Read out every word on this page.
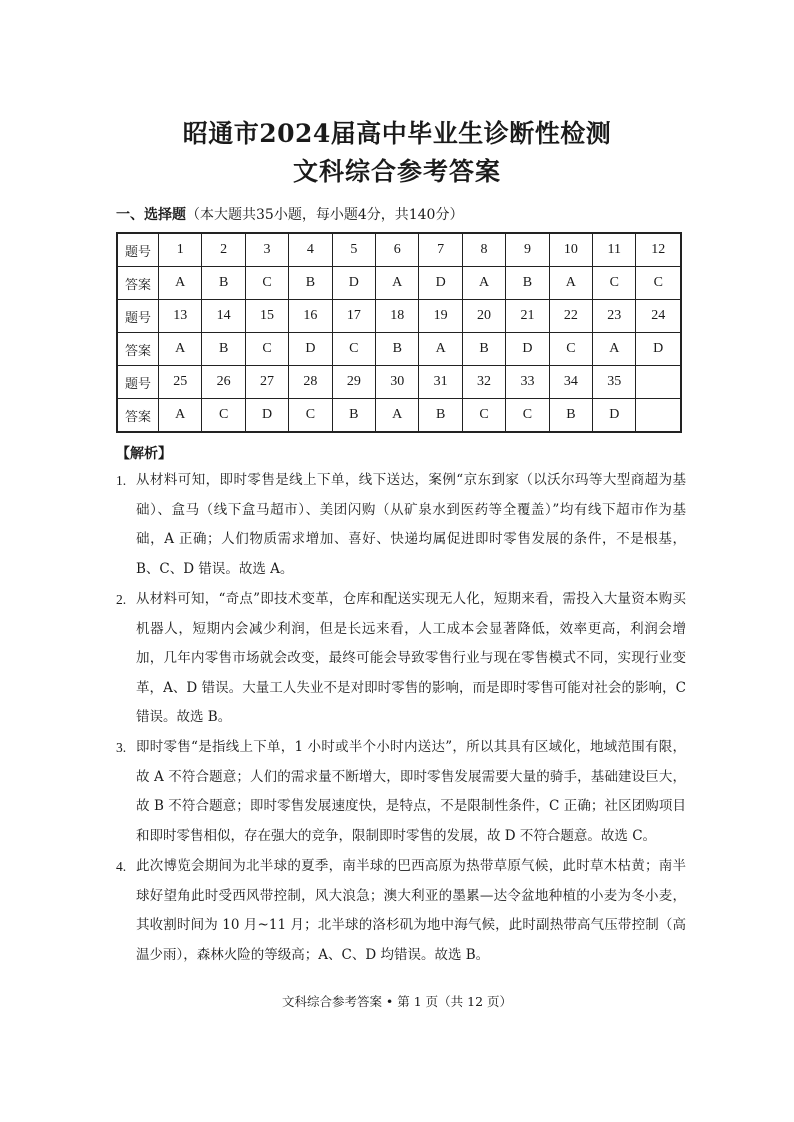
昭通市2024届高中毕业生诊断性检测
文科综合参考答案
一、选择题（本大题共35小题，每小题4分，共140分）
题号	1	2	3	4	5	6	7	8	9	10	11	12
答案	A	B	C	B	D	A	D	A	B	A	C	C
题号	13	14	15	16	17	18	19	20	21	22	23	24
答案	A	B	C	D	C	B	A	B	D	C	A	D
题号	25	26	27	28	29	30	31	32	33	34	35	
答案	A	C	D	C	B	A	B	C	C	B	D	
【解析】
1. 从材料可知，即时零售是线上下单，线下送达，案例“京东到家（以沃尔玛等大型商超为基础）、盒马（线下盒马超市）、美团闪购（从矿泉水到医药等全覆盖）”均有线下超市作为基础，A 正确；人们物质需求增加、喜好、快递均属促进即时零售发展的条件，不是根基，B、C、D 错误。故选 A。
2. 从材料可知，“奇点”即技术变革，仓库和配送实现无人化，短期来看，需投入大量资本购买机器人，短期内会减少利润，但是长远来看，人工成本会显著降低，效率更高，利润会增加，几年内零售市场就会改变，最终可能会导致零售行业与现在零售模式不同，实现行业变革，A、D 错误。大量工人失业不是对即时零售的影响，而是即时零售可能对社会的影响，C 错误。故选 B。
3. 即时零售“是指线上下单，1 小时或半个小时内送达”，所以其具有区域化，地域范围有限，故 A 不符合题意；人们的需求量不断增大，即时零售发展需要大量的骑手，基础建设巨大，故 B 不符合题意；即时零售发展速度快，是特点，不是限制性条件，C 正确；社区团购项目和即时零售相似，存在强大的竞争，限制即时零售的发展，故 D 不符合题意。故选 C。
4. 此次博览会期间为北半球的夏季，南半球的巴西高原为热带草原气候，此时草木枯黄；南半球好望角此时受西风带控制，风大浪急；澳大利亚的墨累—达令盆地种植的小麦为冬小麦，其收割时间为 10 月~11 月；北半球的洛杉矶为地中海气候，此时副热带高气压带控制（高温少雨），森林火险的等级高；A、C、D 均错误。故选 B。
文科综合参考答案 • 第 1 页（共 12 页）
